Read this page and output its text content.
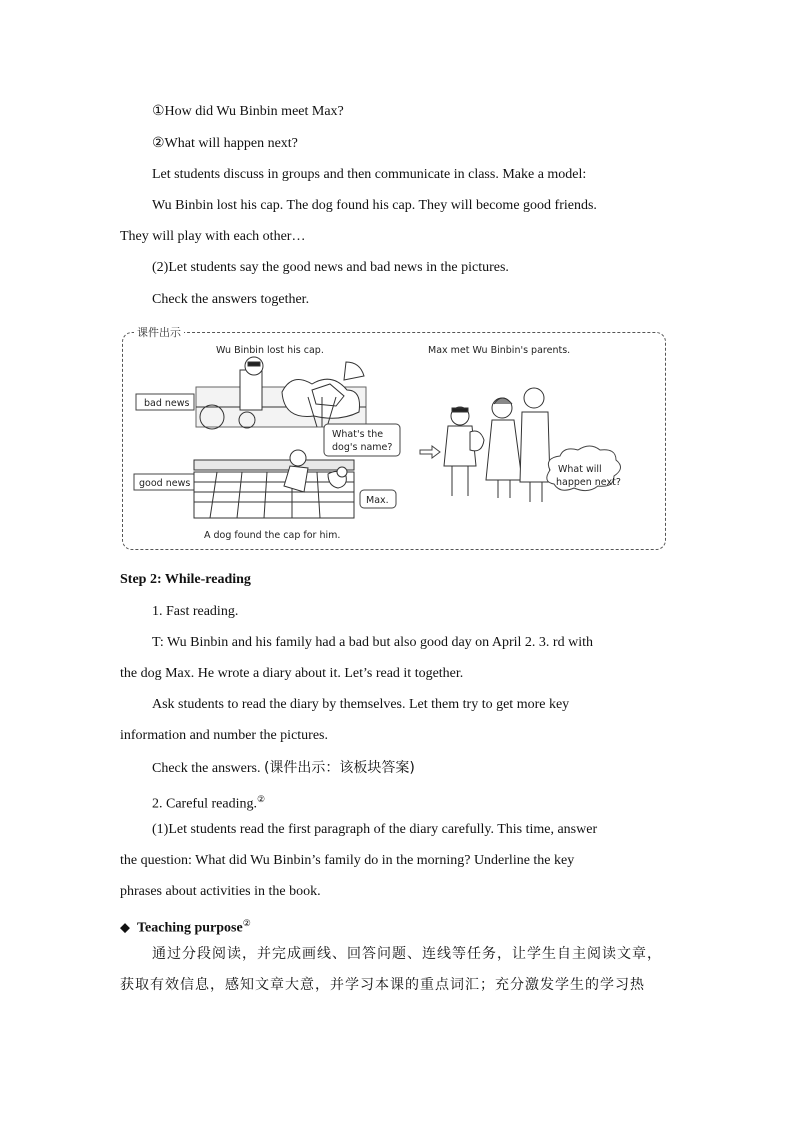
①How did Wu Binbin meet Max?
②What will happen next?
Let students discuss in groups and then communicate in class. Make a model:
Wu Binbin lost his cap. The dog found his cap. They will become good friends.
They will play with each other…
(2)Let students say the good news and bad news in the pictures.
Check the answers together.
课件出示
Wu Binbin lost his cap.	Max met Wu Binbin's parents.
bad news
good news
What's the
dog's name?
Max.
A dog found the cap for him.
What will
happen next?
Step 2: While-reading
1. Fast reading.
T: Wu Binbin and his family had a bad but also good day on April 2. 3. rd with
the dog Max. He wrote a diary about it. Let’s read it together.
Ask students to read the diary by themselves. Let them try to get more key
information and number the pictures.
Check the answers. (课件出示：该板块答案)
2. Careful reading.②
(1)Let students read the first paragraph of the diary carefully. This time, answer
the question: What did Wu Binbin’s family do in the morning? Underline the key
phrases about activities in the book.
◆ Teaching purpose②
通过分段阅读，并完成画线、回答问题、连线等任务，让学生自主阅读文章，
获取有效信息，感知文章大意，并学习本课的重点词汇；充分激发学生的学习热
